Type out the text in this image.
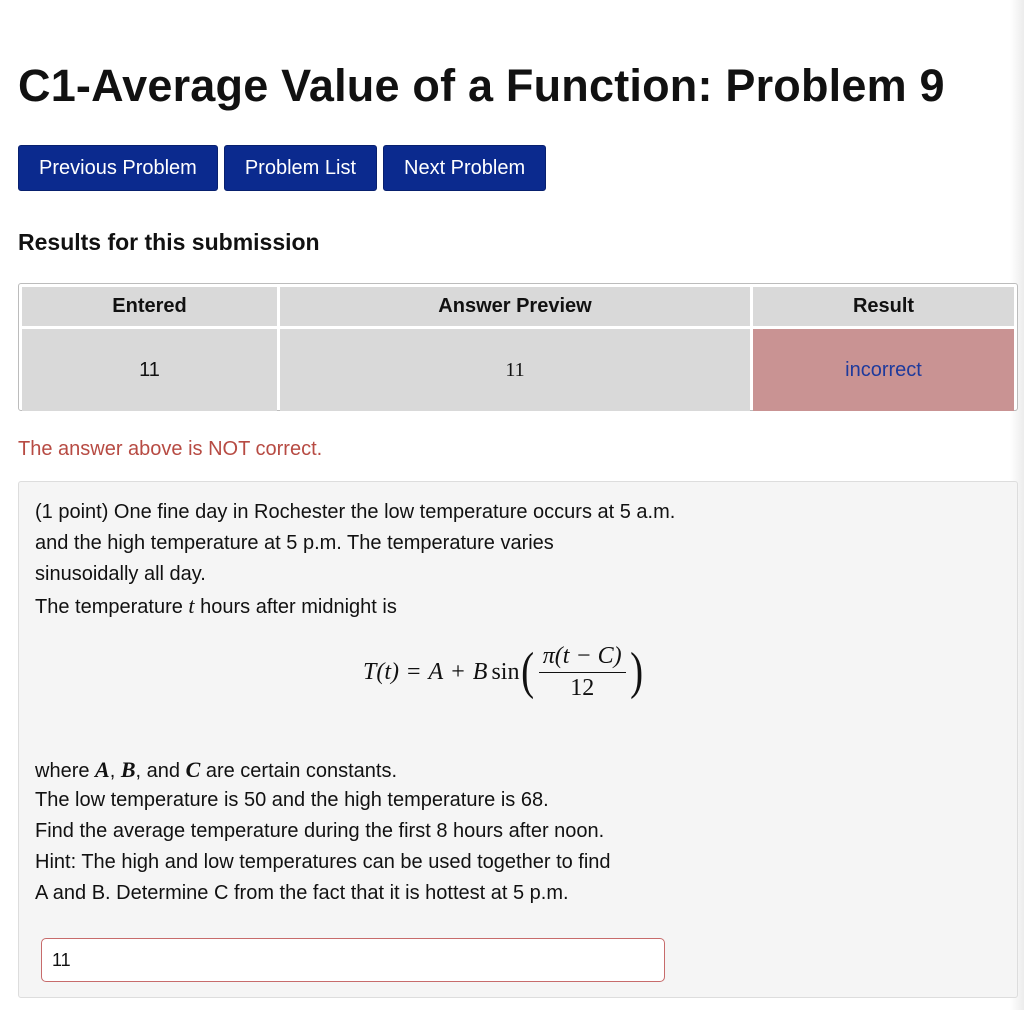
C1-Average Value of a Function: Problem 9
Previous Problem	Problem List	Next Problem
Results for this submission
Entered	Answer Preview	Result
11	11	incorrect
The answer above is NOT correct.
(1 point) One fine day in Rochester the low temperature occurs at 5 a.m.
and the high temperature at 5 p.m. The temperature varies
sinusoidally all day.
The temperature t hours after midnight is
T(t) = A + B sin ( $\frac{\pi(t - C)}{12}$ )
where A, B, and C are certain constants.
The low temperature is 50 and the high temperature is 68.
Find the average temperature during the first 8 hours after noon.
Hint: The high and low temperatures can be used together to find
A and B. Determine C from the fact that it is hottest at 5 p.m.
11
